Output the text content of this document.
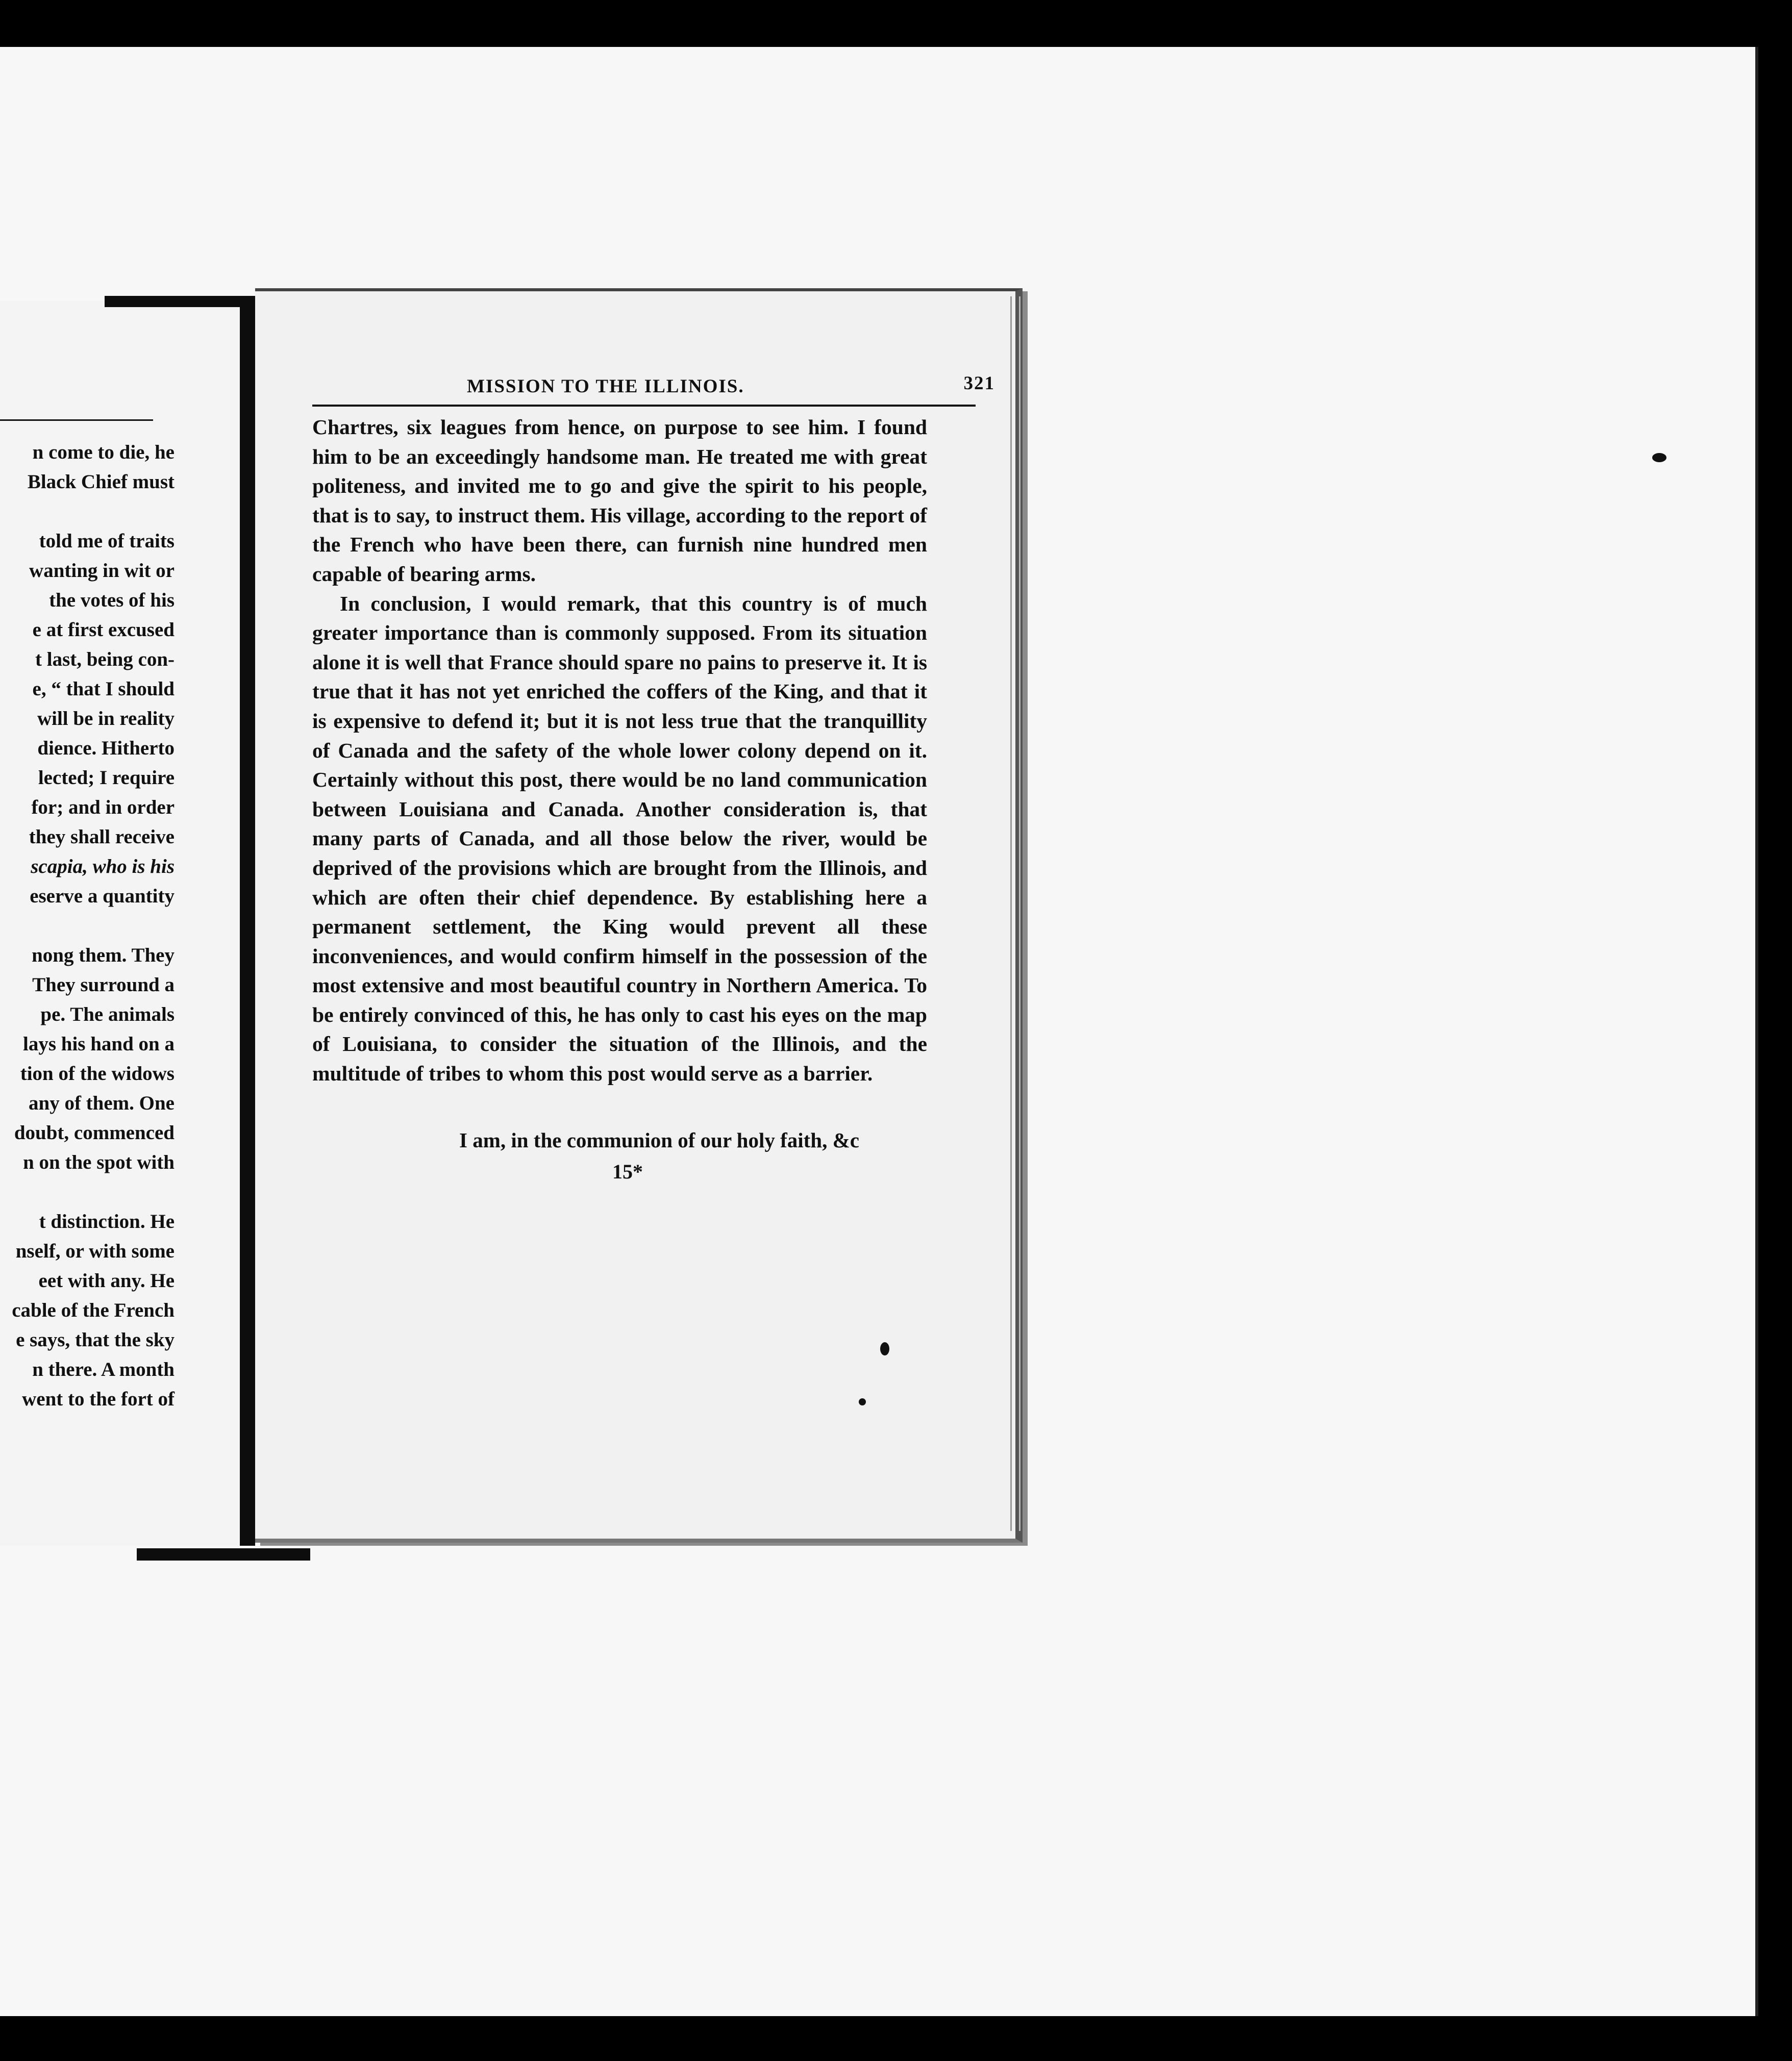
n come to die, he
Black Chief must
told me of traits
wanting in wit or
the votes of his
e at first excused
t last, being con-
e, “ that I should
will be in reality
dience. Hitherto
lected; I require
for; and in order
they shall receive
scapia, who is his
eserve a quantity
nong them. They
They surround a
pe. The animals
lays his hand on a
tion of the widows
any of them. One
doubt, commenced
n on the spot with
t distinction. He
nself, or with some
eet with any. He
cable of the French
e says, that the sky
n there. A month
went to the fort of
MISSION TO THE ILLINOIS.	321

Chartres, six leagues from hence, on purpose to see him. I found him to be an exceedingly handsome man. He treated me with great politeness, and invited me to go and give the spirit to his people, that is to say, to instruct them. His village, according to the report of the French who have been there, can furnish nine hundred men capable of bearing arms.

In conclusion, I would remark, that this country is of much greater importance than is commonly supposed. From its situation alone it is well that France should spare no pains to preserve it. It is true that it has not yet enriched the coffers of the King, and that it is expensive to defend it; but it is not less true that the tranquillity of Canada and the safety of the whole lower colony depend on it. Certainly without this post, there would be no land communication between Louisiana and Canada. Another consideration is, that many parts of Canada, and all those below the river, would be deprived of the provisions which are brought from the Illinois, and which are often their chief dependence. By establishing here a permanent settlement, the King would prevent all these inconveniences, and would confirm himself in the possession of the most extensive and most beautiful country in Northern America. To be entirely convinced of this, he has only to cast his eyes on the map of Louisiana, to consider the situation of the Illinois, and the multitude of tribes to whom this post would serve as a barrier.

I am, in the communion of our holy faith, &c
15*
